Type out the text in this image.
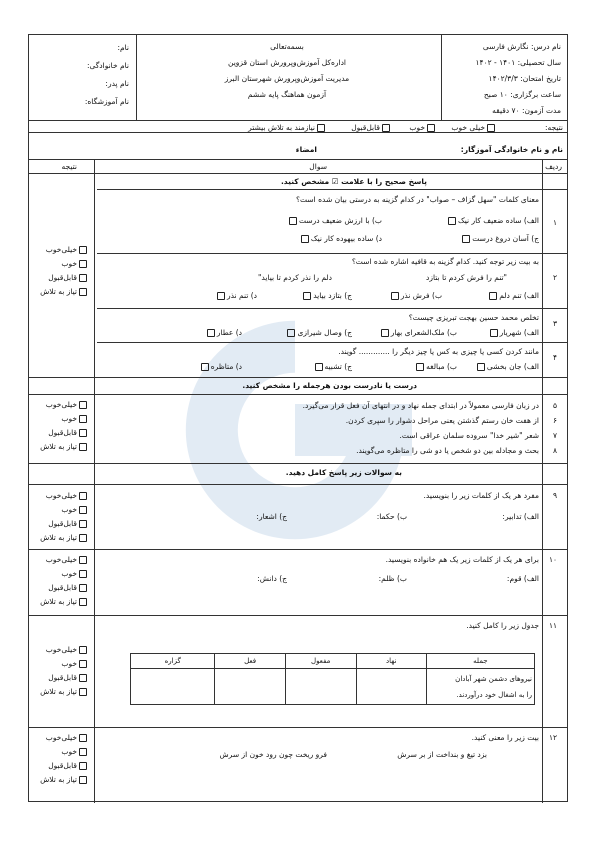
نام درس: نگارش فارسی
سال تحصیلی: ۱۴۰۱ - ۱۴۰۲
تاریخ امتحان: ۱۴۰۲/۳/۳
ساعت برگزاری: ۱۰ صبح
مدت آزمون: ۷۰ دقیقه
بسمه‌تعالی
اداره‌کل آموزش‌وپرورش استان قزوین
مدیریت آموزش‌وپرورش شهرستان البرز
آزمون هماهنگ پایه ششم
نام:
نام خانوادگی:
نام پدر:
نام آموزشگاه:
نتیجه:
خیلی خوب
خوب
قابل‌قبول
نیازمند به تلاش بیشتر
نام و نام خانوادگی آموزگار:
امضاء
ردیف
سوال
نتیجه
پاسخ صحیح را با علامت ☑ مشخص کنید.
۱
معنای کلمات "سهل گزاف – صواب" در کدام گزینه به درستی بیان شده است؟
الف) ساده ضعیف کار نیک
ب) با ارزش ضعیف درست
ج) آسان دروغ درست
د) ساده بیهوده کار نیک
۲
به بیت زیر توجه کنید. کدام گزینه به قافیه اشاره شده است؟
"تنم را فرش کردم تا بتازد
دلم را نذر کردم تا بیاید"
الف) تنم دلم
ب) فرش نذر
ج) بتازد بیاید
د) تنم نذر
۳
تخلص محمد حسین بهجت تبریزی چیست؟
الف) شهریار
ب) ملک‌الشعرای بهار
ج) وصال شیرازی
د) عطار
۴
مانند کردن کسی یا چیزی به کس یا چیز دیگر را ............. گویند.
الف) جان بخشی
ب) مبالغه
ج) تشبیه
د) متاظره
خیلی‌خوب
خوب
قابل‌قبول
تیاز به تلاش
درست یا نادرست بودن هرجمله را مشخص کنید.
۵
در زبان فارسی معمولاً در ابتدای جمله نهاد و در انتهای آن فعل قرار می‌گیرد.
۶
از هفت خان رستم گذشتن یعنی مراحل دشوار را سپری کردن.
۷
شعر "شیر خدا" سروده سلمان عراقی است.
۸
بحث و مجادله بین دو شخص یا دو شی را متاظره می‌گویند.
خیلی‌خوب
خوب
قابل‌قبول
تیاز به تلاش
به سوالات زیر پاسخ کامل دهید.
۹
مفرد هر یک از کلمات زیر را بنویسید.
الف) تدابیر:
ب) حکما:
ج) اشعار:
خیلی‌خوب
خوب
قابل‌قبول
تیاز به تلاش
۱۰
برای هر یک از کلمات زیر یک هم خانواده بنویسید.
الف) قوم:
ب) ظلم:
ج) دانش:
خیلی‌خوب
خوب
قابل‌قبول
تیاز به تلاش
۱۱
جدول زیر را کامل کنید.
جمله	نهاد	مفعول	فعل	گزاره

نیروهای دشمن شهر آبادان
را به اشغال خود درآوردند.				

خیلی‌خوب
خوب
قابل‌قبول
تیاز به تلاش
۱۲
بیت زیر را معنی کنید.
بزد تیغ و بنداخت از بر سرش
فرو ریخت چون رود خون از سرش
خیلی‌خوب
خوب
قابل‌قبول
تیاز به تلاش
